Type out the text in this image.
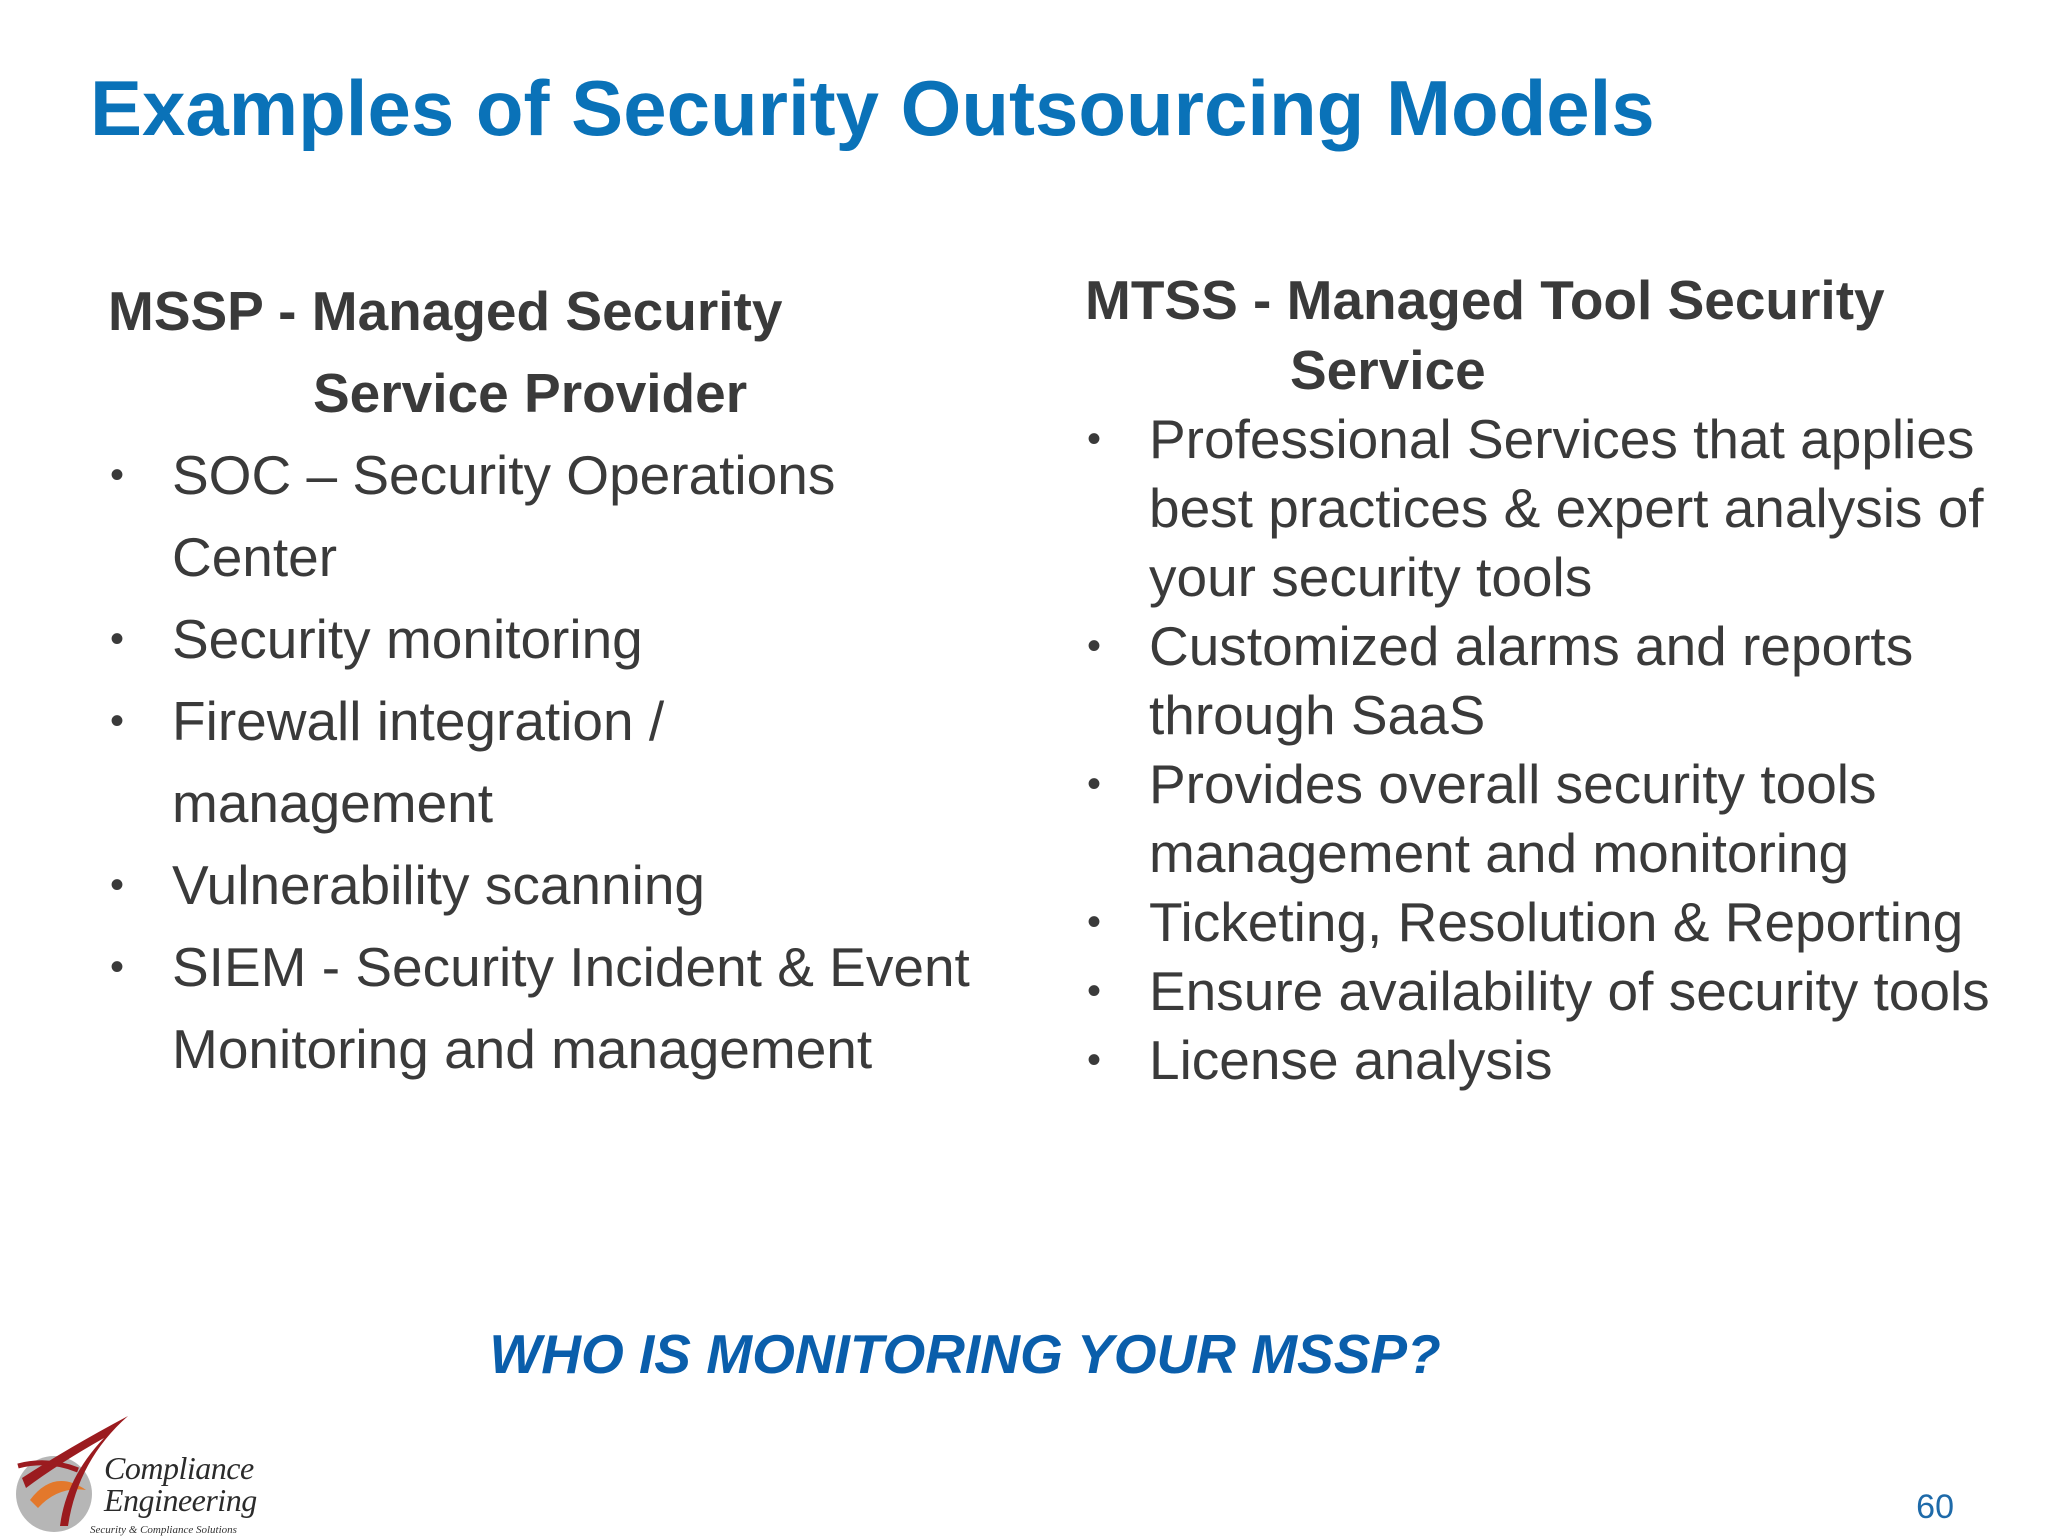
Examples of Security Outsourcing Models

MSSP - Managed Security Service Provider

• SOC – Security Operations Center
• Security monitoring
• Firewall integration / management
• Vulnerability scanning
• SIEM - Security Incident & Event Monitoring and management

MTSS - Managed Tool Security Service

• Professional Services that applies best practices & expert analysis of your security tools
• Customized alarms and reports through SaaS
• Provides overall security tools management and monitoring
• Ticketing, Resolution & Reporting
• Ensure availability of security tools
• License analysis

WHO IS MONITORING YOUR MSSP?

Compliance
Engineering
Security & Compliance Solutions
60
